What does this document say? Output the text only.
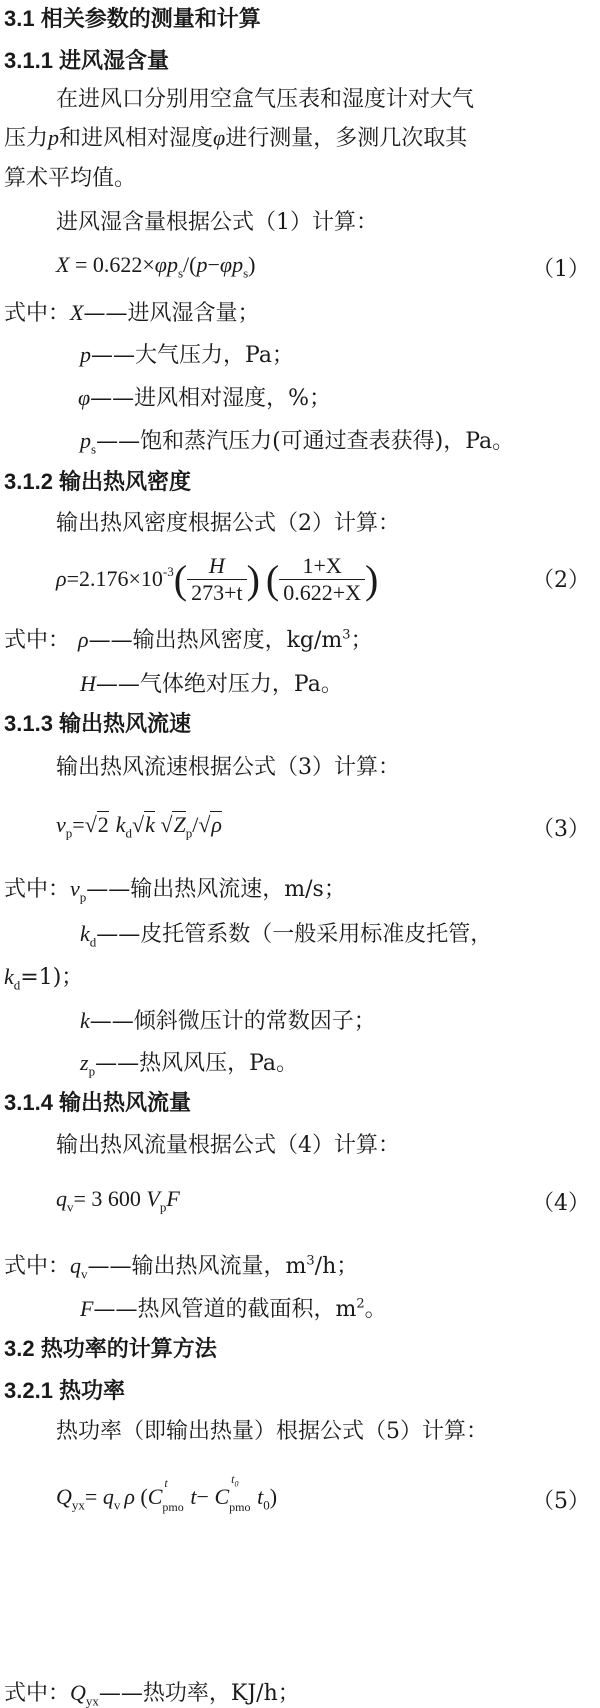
3.1 相关参数的测量和计算
3.1.1 进风湿含量
在进风口分别用空盒气压表和湿度计对大气
压力p和进风相对湿度φ进行测量，多测几次取其
算术平均值。
进风湿含量根据公式（1）计算：
$X = 0.622\times\varphi p_s/(p-\varphi p_s)$	（1）
式中：X——进风湿含量；
p——大气压力，Pa；
φ——进风相对湿度，%；
$p_s——$饱和蒸汽压力(可通过查表获得)，Pa。
3.1.2 输出热风密度
输出热风密度根据公式（2）计算：
ρ =2.176×10 -3 ( $\frac{H}{273+t}$ ) ( $\frac{1+X}{0.622+X}$ )	（2）
式中： ρ——输出热风密度，$kg/m^3$；
H——气体绝对压力，Pa。
3.1.3 输出热风流速
输出热风流速根据公式（3）计算：
$v_p=√2$ $k_d√k$ $√Z_p/√\rho$	（3）
式中：$v_p——$输出热风流速，m/s；
$k_d——$皮托管系数（一般采用标准皮托管，
$k_d=1$)；
k——倾斜微压计的常数因子；
$z_p——$热风风压，Pa。
3.1.4 输出热风流量
输出热风流量根据公式（4）计算：
$q_v= 3$ 600 $V_pF$	（4）
式中：$q_v——$输出热风流量，$m^3/h$；
F——热风管道的截面积，$m^2$。
3.2 热功率的计算方法
3.2.1 热功率
热功率（即输出热量）根据公式（5）计算：
$Q_{yx}= q_v$ ρ (C
t
pmo t− C
$t_0$
pmo $t_0$)	（5）
式中：$Q_{yx}——$热功率，KJ/h；
